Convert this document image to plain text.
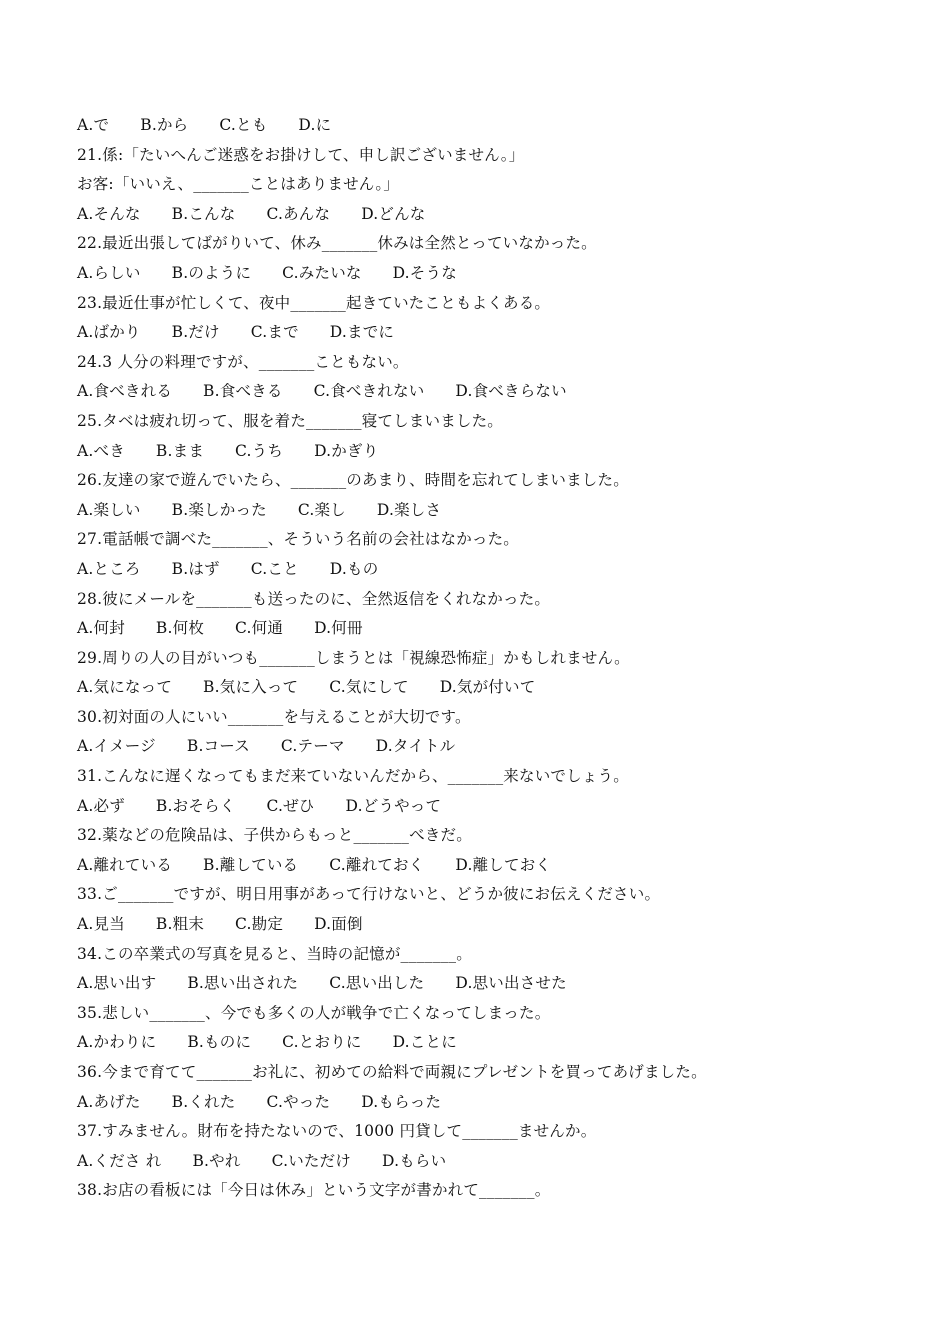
A.で B.から C.とも D.に
21.係:「たいへんご迷惑をお掛けして、申し訳ございません。」
お客:「いいえ、_______ことはありません。」
A.そんな B.こんな C.あんな D.どんな
22.最近出張してばがりいて、休み_______休みは全然とっていなかった。
A.らしい B.のように C.みたいな D.そうな
23.最近仕事が忙しくて、夜中_______起きていたこともよくある。
A.ばかり B.だけ C.まで D.までに
24.3 人分の料理ですが、_______こともない。
A.食べきれる B.食べきる C.食べきれない D.食べきらない
25.タベは疲れ切って、服を着た_______寝てしまいました。
A.べき B.まま C.うち D.かぎり
26.友達の家で遊んでいたら、_______のあまり、時間を忘れてしまいました。
A.楽しい B.楽しかった C.楽し D.楽しさ
27.電話帳で調べた_______、そういう名前の会社はなかった。
A.ところ B.はず C.こと D.もの
28.彼にメールを_______も送ったのに、全然返信をくれなかった。
A.何封 B.何枚 C.何通 D.何冊
29.周りの人の目がいつも_______しまうとは「視線恐怖症」かもしれません。
A.気になって B.気に入って C.気にして D.気が付いて
30.初対面の人にいい_______を与えることが大切です。
A.イメージ B.コース C.テーマ D.タイトル
31.こんなに遅くなってもまだ来ていないんだから、_______来ないでしょう。
A.必ず B.おそらく C.ぜひ D.どうやって
32.薬などの危険品は、子供からもっと_______べきだ。
A.離れている B.離している C.離れておく D.離しておく
33.ご_______ですが、明日用事があって行けないと、どうか彼にお伝えください。
A.見当 B.粗末 C.勘定 D.面倒
34.この卒業式の写真を見ると、当時の記憶が_______。
A.思い出す B.思い出された C.思い出した D.思い出させた
35.悲しい_______、今でも多くの人が戦争で亡くなってしまった。
A.かわりに B.ものに C.とおりに D.ことに
36.今まで育てて_______お礼に、初めての給料で両親にプレゼントを買ってあげました。
A.あげた B.くれた C.やった D.もらった
37.すみません。財布を持たないので、1000 円貸して_______ませんか。
A.くださ れ B.やれ C.いただけ D.もらい
38.お店の看板には「今日は休み」という文字が書かれて_______。
